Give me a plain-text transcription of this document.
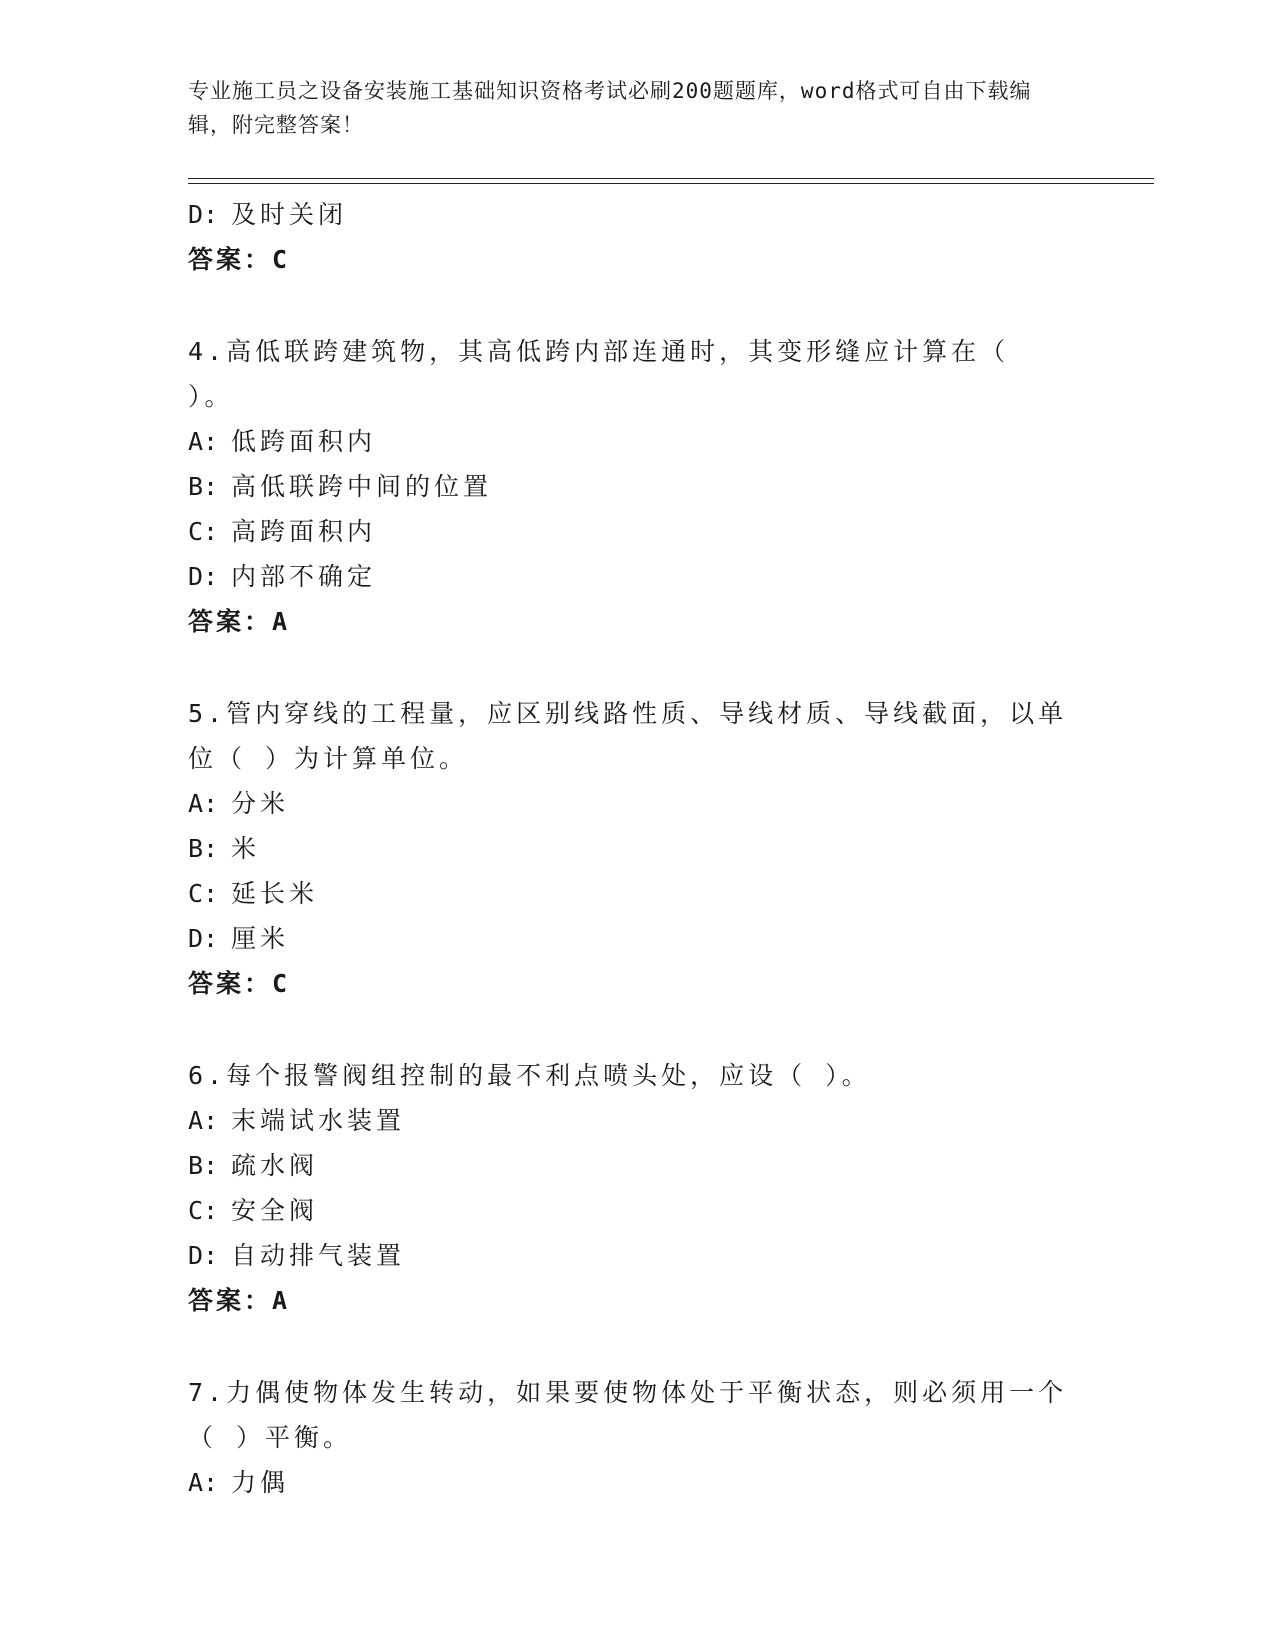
专业施工员之设备安装施工基础知识资格考试必刷200题题库，word格式可自由下载编辑，附完整答案！
D: 及时关闭
答案：C
4.高低联跨建筑物，其高低跨内部连通时，其变形缝应计算在（ ）。
A: 低跨面积内
B: 高低联跨中间的位置
C: 高跨面积内
D: 内部不确定
答案：A
5.管内穿线的工程量，应区别线路性质、导线材质、导线截面，以单位（ ）为计算单位。
A: 分米
B: 米
C: 延长米
D: 厘米
答案：C
6.每个报警阀组控制的最不利点喷头处，应设（ ）。
A: 末端试水装置
B: 疏水阀
C: 安全阀
D: 自动排气装置
答案：A
7.力偶使物体发生转动，如果要使物体处于平衡状态，则必须用一个（ ）平衡。
A: 力偶
